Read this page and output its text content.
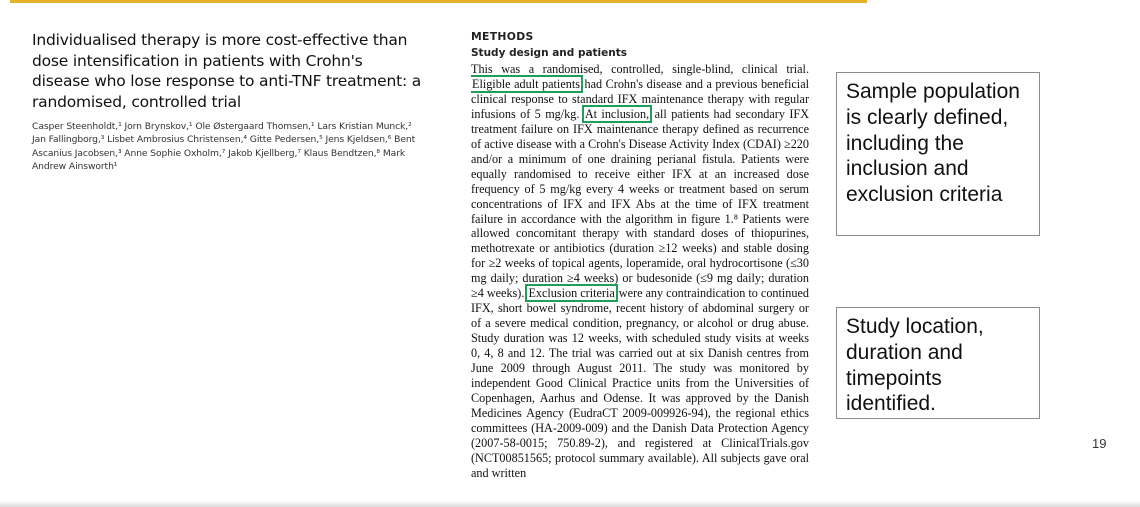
Individualised therapy is more cost-effective than dose intensification in patients with Crohn's disease who lose response to anti-TNF treatment: a randomised, controlled trial
Casper Steenholdt,¹ Jorn Brynskov,¹ Ole Østergaard Thomsen,¹ Lars Kristian Munck,² Jan Fallingborg,³ Lisbet Ambrosius Christensen,⁴ Gitte Pedersen,⁵ Jens Kjeldsen,⁶ Bent Ascanius Jacobsen,³ Anne Sophie Oxholm,⁷ Jakob Kjellberg,⁷ Klaus Bendtzen,⁸ Mark Andrew Ainsworth¹

METHODS

Study design and patients

This was a randomised, controlled, single-blind, clinical trial. Eligible adult patients had Crohn's disease and a previous beneficial clinical response to standard IFX maintenance therapy with regular infusions of 5 mg/kg. At inclusion, all patients had secondary IFX treatment failure on IFX maintenance therapy defined as recurrence of active disease with a Crohn's Disease Activity Index (CDAI) ≥220 and/or a minimum of one draining perianal fistula. Patients were equally randomised to receive either IFX at an increased dose frequency of 5 mg/kg every 4 weeks or treatment based on serum concentrations of IFX and IFX Abs at the time of IFX treatment failure in accordance with the algorithm in figure 1.⁸ Patients were allowed concomitant therapy with standard doses of thiopurines, methotrexate or antibiotics (duration ≥12 weeks) and stable dosing for ≥2 weeks of topical agents, loperamide, oral hydrocortisone (≤30 mg daily; duration ≥4 weeks) or budesonide (≤9 mg daily; duration ≥4 weeks). Exclusion criteria were any contraindication to continued IFX, short bowel syndrome, recent history of abdominal surgery or of a severe medical condition, pregnancy, or alcohol or drug abuse. Study duration was 12 weeks, with scheduled study visits at weeks 0, 4, 8 and 12. The trial was carried out at six Danish centres from June 2009 through August 2011. The study was monitored by independent Good Clinical Practice units from the Universities of Copenhagen, Aarhus and Odense. It was approved by the Danish Medicines Agency (EudraCT 2009-009926-94), the regional ethics committees (HA-2009-009) and the Danish Data Protection Agency (2007-58-0015; 750.89-2), and registered at ClinicalTrials.gov (NCT00851565; protocol summary available). All subjects gave oral and written

Sample population is clearly defined, including the inclusion and exclusion criteria
Study location, duration and timepoints identified.
19
